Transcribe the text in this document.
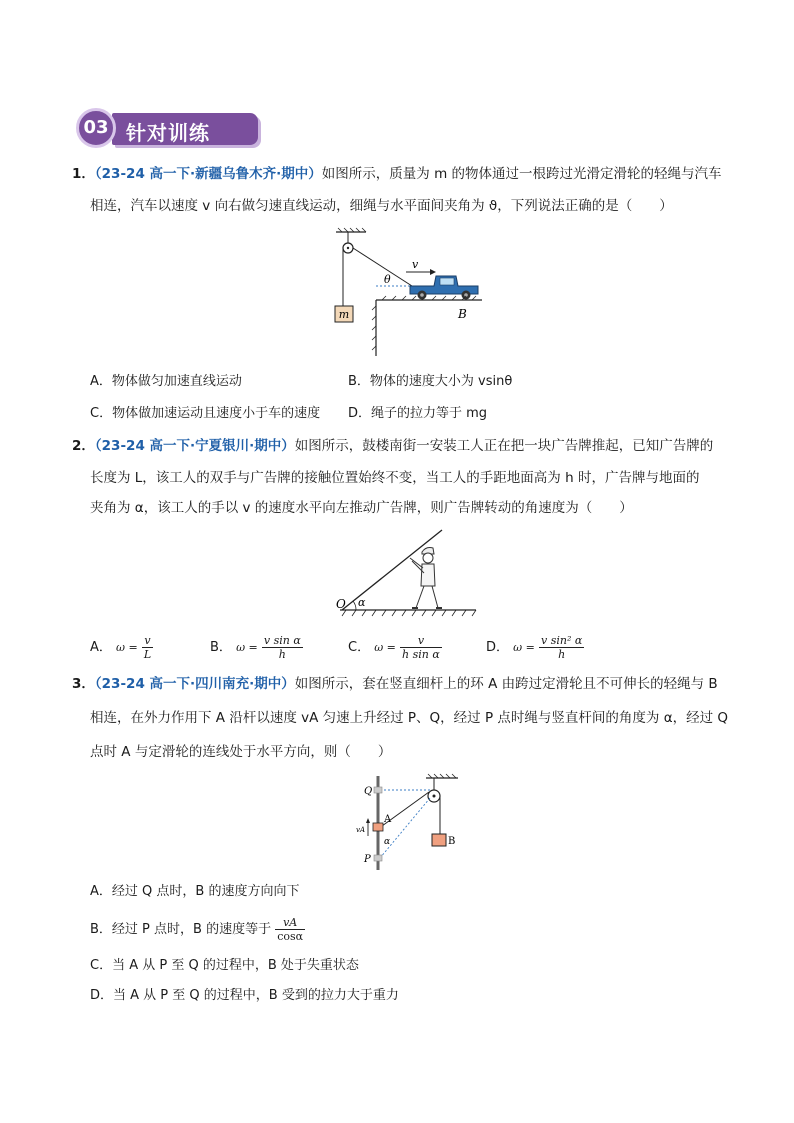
03 针对训练
1．（23-24 高一下·新疆乌鲁木齐·期中）如图所示，质量为 m 的物体通过一根跨过光滑定滑轮的轻绳与汽车
相连，汽车以速度 v 向右做匀速直线运动，细绳与水平面间夹角为 ϑ，下列说法正确的是（　　）
m
θ
v
B
A．物体做匀加速直线运动	B．物体的速度大小为 vsinθ
C．物体做加速运动且速度小于车的速度 D．绳子的拉力等于 mg
2．（23-24 高一下·宁夏银川·期中）如图所示，鼓楼南街一安装工人正在把一块广告牌推起，已知广告牌的
长度为 L，该工人的双手与广告牌的接触位置始终不变，当工人的手距地面高为 h 时，广告牌与地面的
夹角为 α，该工人的手以 v 的速度水平向左推动广告牌，则广告牌转动的角速度为（　　）
O α
A． $\omega = \frac{v}{L}$	B． $\omega = \frac{\text{v sin α}}{h}$	C． $\omega = \frac{v}{\text{h sin α}}$	D． $\omega = \frac{\text{v sin² α}}{h}$
3．（23-24 高一下·四川南充·期中）如图所示，套在竖直细杆上的环 A 由跨过定滑轮且不可伸长的轻绳与 B
相连，在外力作用下 A 沿杆以速度 vA 匀速上升经过 P、Q，经过 P 点时绳与竖直杆间的角度为 α，经过 Q
点时 A 与定滑轮的连线处于水平方向，则（　　）
B
Q
A
α
P
vA
A．经过 Q 点时，B 的速度方向向下
B．经过 P 点时，B 的速度等于 $\frac{vA}{\cos\alpha}$
C．当 A 从 P 至 Q 的过程中，B 处于失重状态
D．当 A 从 P 至 Q 的过程中，B 受到的拉力大于重力
